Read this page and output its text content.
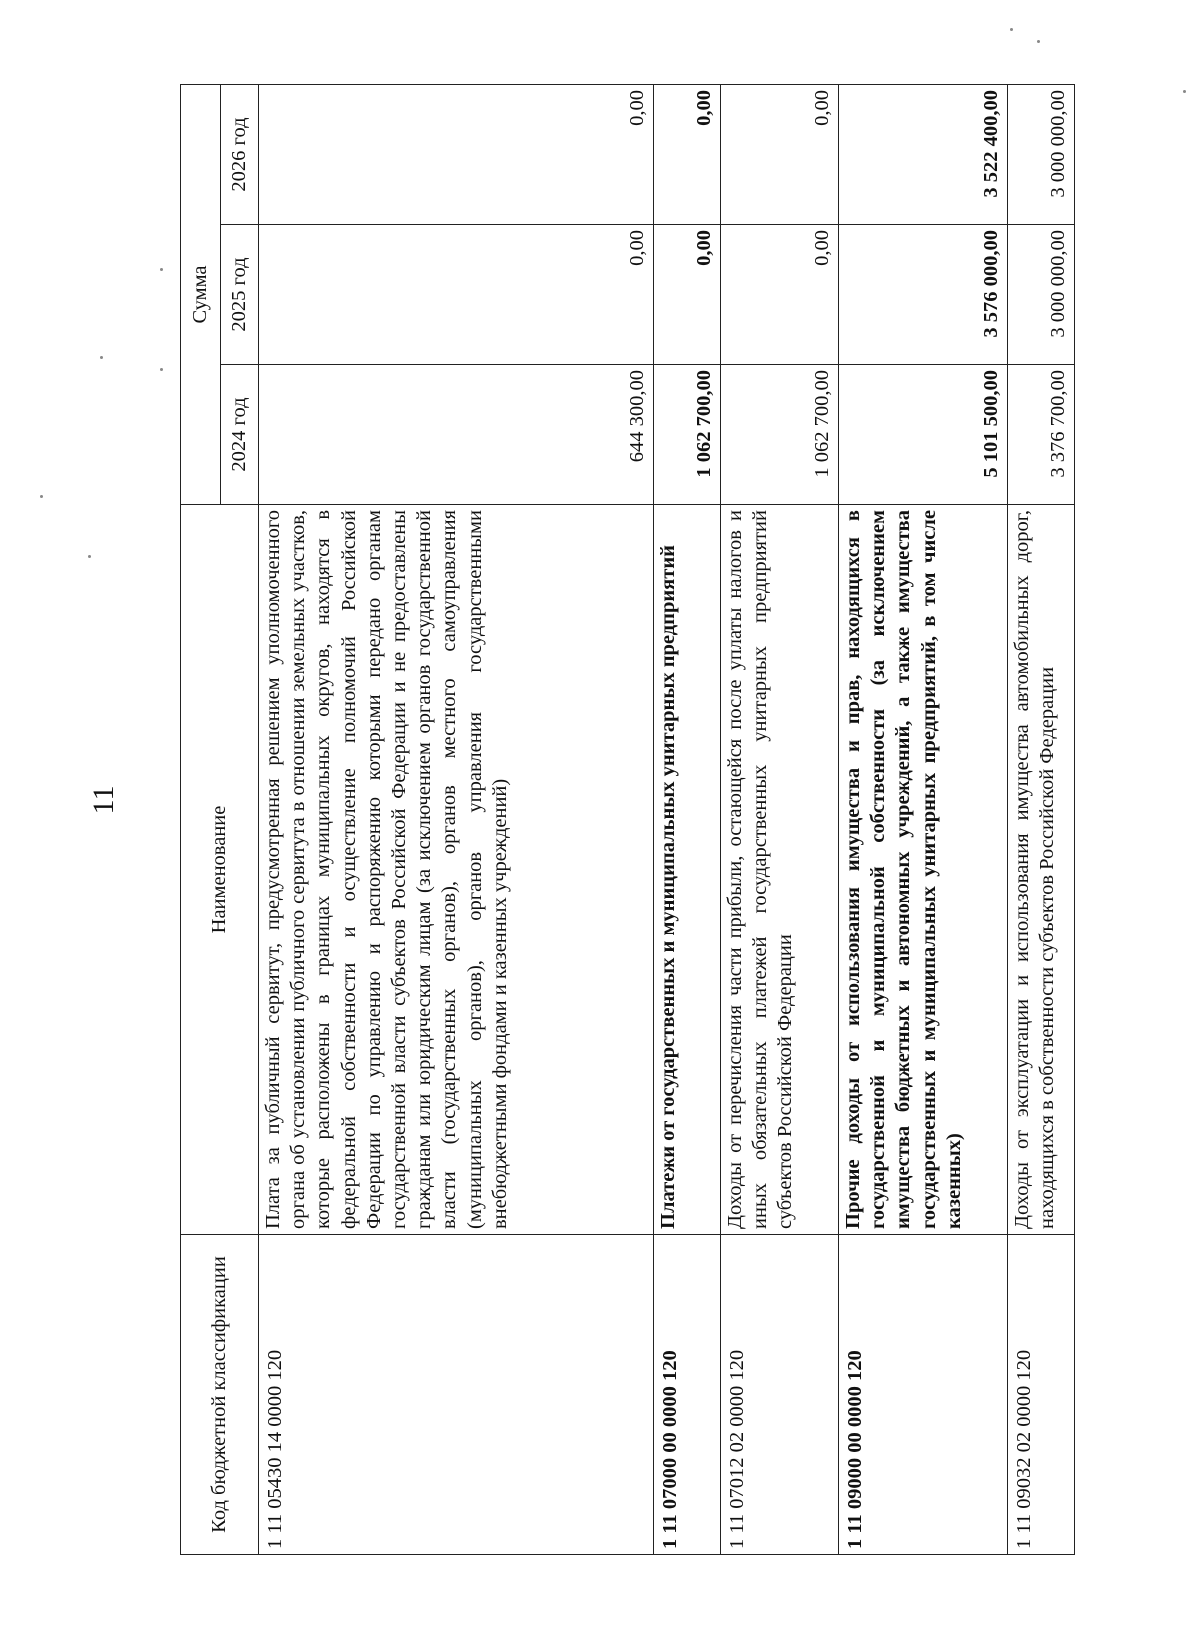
11
Код бюджетной классификации	Наименование	Сумма		
		2024 год	2025 год	2026 год
1 11 05430 14 0000 120	Плата за публичный сервитут, предусмотренная решением уполномоченного органа об установлении публичного сервитута в отношении земельных участков, которые расположены в границах муниципальных округов, находятся в федеральной собственности и осуществление полномочий Российской Федерации по управлению и распоряжению которыми передано органам государственной власти субъектов Российской Федерации и не предоставлены гражданам или юридическим лицам (за исключением органов государственной власти (государственных органов), органов местного самоуправления (муниципальных органов), органов управления государственными внебюджетными фондами и казенных учреждений)	644 300,00	0,00	0,00
1 11 07000 00 0000 120	Платежи от государственных и муниципальных унитарных предприятий	1 062 700,00	0,00	0,00
1 11 07012 02 0000 120	Доходы от перечисления части прибыли, остающейся после уплаты налогов и иных обязательных платежей государственных унитарных предприятий субъектов Российской Федерации	1 062 700,00	0,00	0,00
1 11 09000 00 0000 120	Прочие доходы от использования имущества и прав, находящихся в государственной и муниципальной собственности (за исключением имущества бюджетных и автономных учреждений, а также имущества государственных и муниципальных унитарных предприятий, в том числе казенных)	5 101 500,00	3 576 000,00	3 522 400,00
1 11 09032 02 0000 120	Доходы от эксплуатации и использования имущества автомобильных дорог, находящихся в собственности субъектов Российской Федерации	3 376 700,00	3 000 000,00	3 000 000,00
